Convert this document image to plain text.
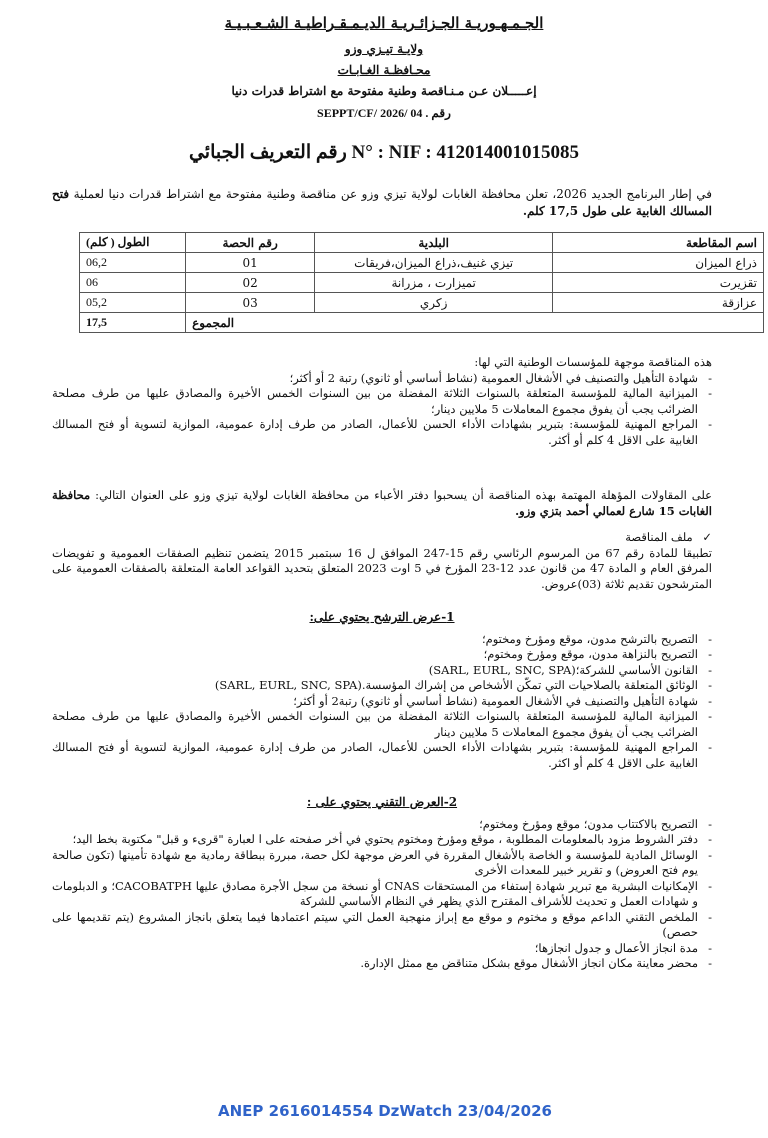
الجـمـهـوريـة الجـزائـريـة الديـمـقـراطيـة الشـعـبـيـة
ولايـة تيـزي وزو
محـافظـة الغـابـات
إعـــــلان عـن مـنـاقصة وطنية مفتوحة مع اشتراط قدرات دنيا
رقم . 04 /2026 /SEPPT/CF
N° : NIF : 412014001015085 رقم التعريف الجبائي
في إطار البرنامج الجديد 2026، تعلن محافظة الغابات لولاية تيزي وزو عن مناقصة وطنية مفتوحة مع اشتراط قدرات دنيا لعملية فتح المسالك الغابية على طول 17,5 كلم.
اسم المقاطعة	البلدية	رقم الحصة	الطول ( كلم)
ذراع الميزان	تيزي غنيف،ذراع الميزان،فريقات	01	06,2
تقزيرت	تميزارت ، مزرانة	02	06
عزازقة	زكري	03	05,2
	المجموع		17,5
هذه المناقصة موجهة للمؤسسات الوطنية التي لها:
- شهادة التأهيل والتصنيف في الأشغال العمومية (نشاط أساسي أو ثانوي) رتبة 2 أو أكثر؛
- الميزانية المالية للمؤسسة المتعلقة بالسنوات الثلاثة المفضلة من بين السنوات الخمس الأخيرة والمصادق عليها من طرف مصلحة الضرائب يجب أن يفوق مجموع المعاملات 5 ملايين دينار؛
- المراجع المهنية للمؤسسة: بتبرير بشهادات الأداء الحسن للأعمال، الصادر من طرف إدارة عمومية، الموازية لتسوية أو فتح المسالك الغابية على الاقل 4 كلم أو أكثر.
على المقاولات المؤهلة المهتمة بهذه المناقصة أن يسحبوا دفتر الأعباء من محافظة الغابات لولاية تيزي وزو على العنوان التالي: محافظة الغابات 15 شارع لعمالي أحمد بتزي وزو.
✓ ملف المناقصة
تطبيقا للمادة رقم 67 من المرسوم الرئاسي رقم 15-247 الموافق ل 16 سبتمبر 2015 يتضمن تنظيم الصفقات العمومية و تفويضات المرفق العام و المادة 47 من قانون عدد 12-23 المؤرخ في 5 اوت 2023 المتعلق بتحديد القواعد العامة المتعلقة بالصفقات العمومية على المترشحون تقديم ثلاثة (03)عروض.
1-عرض الترشح يحتوي على:
- التصريح بالترشح مدون، موقع ومؤرخ ومختوم؛
- التصريح بالنزاهة مدون، موقع ومؤرخ ومختوم؛
- القانون الأساسي للشركة؛(SARL, EURL, SNC, SPA)
- الوثائق المتعلقة بالصلاحيات التي تمكّن الأشخاص من إشراك المؤسسة.(SARL, EURL, SNC, SPA)
- شهادة التأهيل والتصنيف في الأشغال العمومية (نشاط أساسي أو ثانوي) رتبة2 أو أكثر؛
- الميزانية المالية للمؤسسة المتعلقة بالسنوات الثلاثة المفضلة من بين السنوات الخمس الأخيرة والمصادق عليها من طرف مصلحة الضرائب يجب أن يفوق مجموع المعاملات 5 ملايين دينار
- المراجع المهنية للمؤسسة: بتبرير بشهادات الأداء الحسن للأعمال، الصادر من طرف إدارة عمومية، الموازية لتسوية أو فتح المسالك الغابية على الاقل 4 كلم أو اكثر.
2-العرض التقني يحتوي على :
- التصريح بالاكتتاب مدون؛ موقع ومؤرخ ومختوم؛
- دفتر الشروط مزود بالمعلومات المطلوبة ، موقع ومؤرخ ومختوم يحتوي في أخر صفحته على ا لعبارة "قرىء و قبل" مكتوبة بخط اليد؛
- الوسائل المادية للمؤسسة و الخاصة بالأشغال المقررة في العرض موجهة لكل حصة، مبررة ببطاقة رمادية مع شهادة تأمينها (تكون صالحة يوم فتح العروض) و تقرير خبير للمعدات الأخرى
- الإمكانيات البشرية مع تبرير شهادة إستفاء من المستحقات CNAS أو نسخة من سجل الأجرة مصادق عليها CACOBATPH؛ و الدبلومات و شهادات العمل و تحديث للأشراف المقترح الذي يظهر في النظام الأساسي للشركة
- الملخص التقني الداعم موقع و مختوم و موقع مع إبراز منهجية العمل التي سيتم اعتمادها فيما يتعلق بانجاز المشروع (يتم تقديمها على حصص)
- مدة انجاز الأعمال و جدول انجازها؛
- محضر معاينة مكان انجاز الأشغال موقع بشكل متناقض مع ممثل الإدارة.
ANEP 2616014554 DzWatch 23/04/2026
